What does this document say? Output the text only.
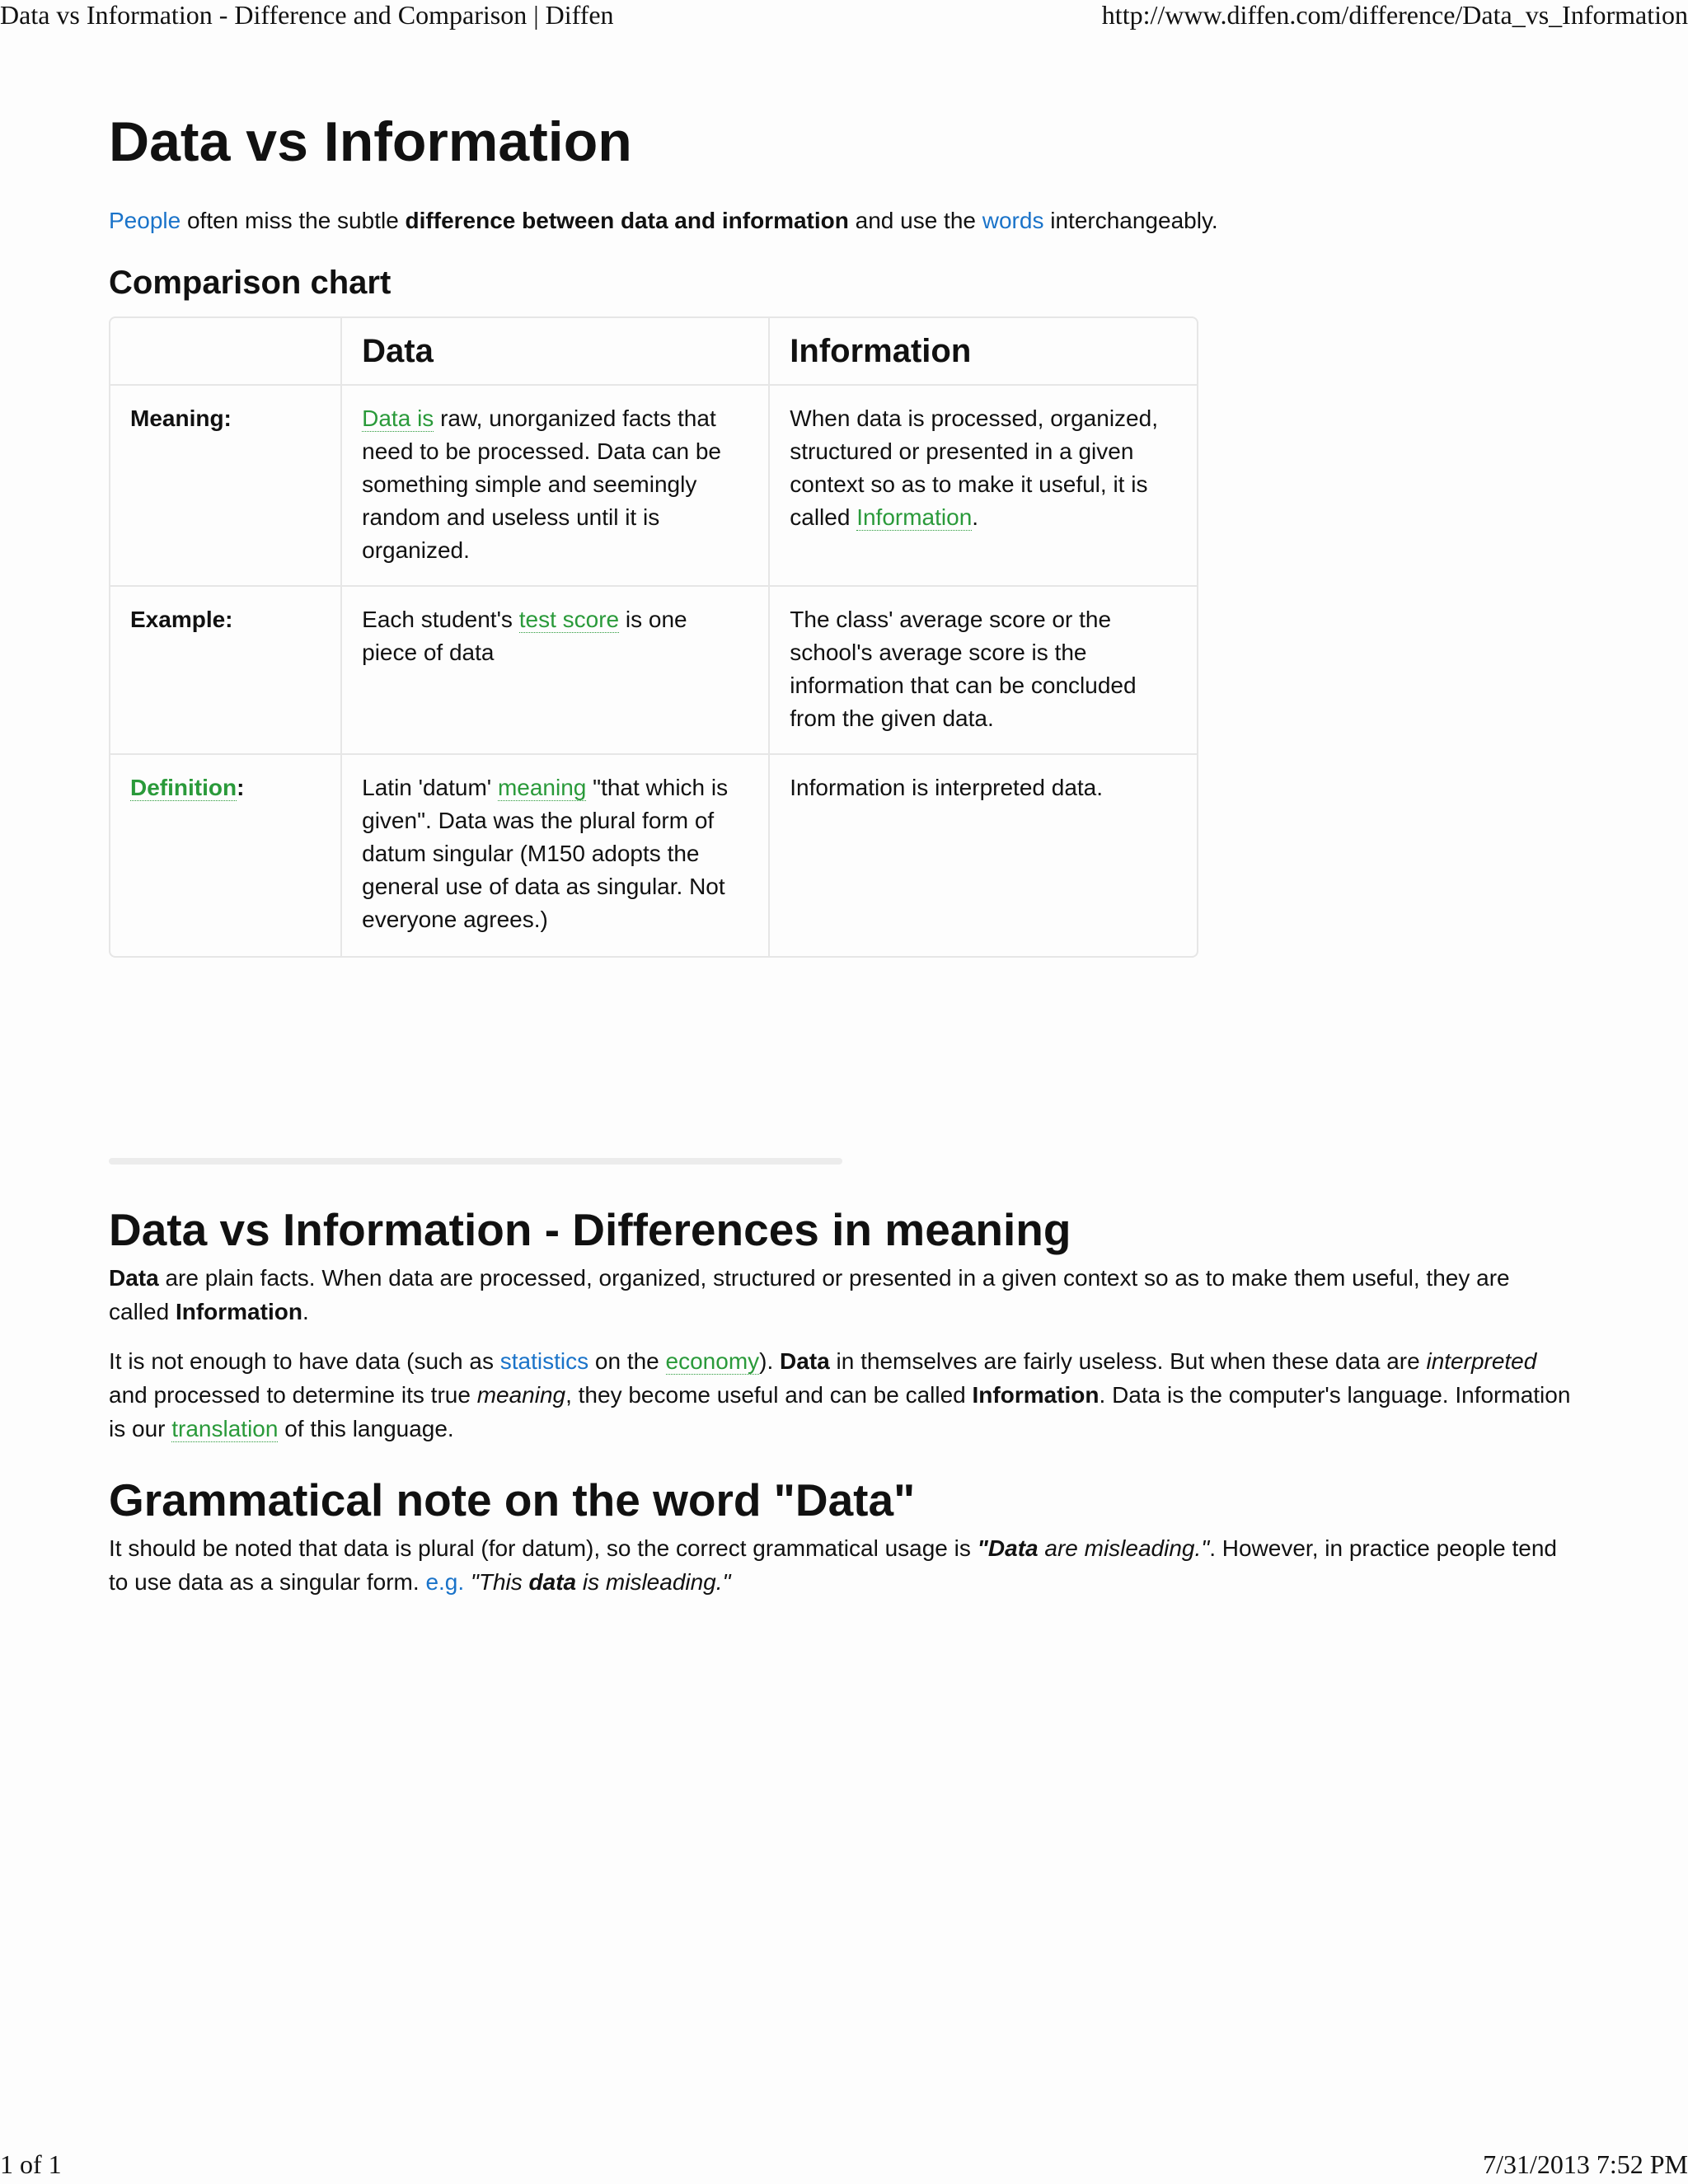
Data vs Information - Difference and Comparison | Diffen	http://www.diffen.com/difference/Data_vs_Information
Data vs Information

People often miss the subtle difference between data and information and use the words interchangeably.

Comparison chart
	Data	Information
Meaning:	Data is raw, unorganized facts that need to be processed. Data can be something simple and seemingly random and useless until it is organized.	When data is processed, organized, structured or presented in a given context so as to make it useful, it is called Information.
Example:	Each student's test score is one piece of data	The class' average score or the school's average score is the information that can be concluded from the given data.
Definition:	Latin 'datum' meaning "that which is given". Data was the plural form of datum singular (M150 adopts the general use of data as singular. Not everyone agrees.)	Information is interpreted data.
Data vs Information - Differences in meaning

Data are plain facts. When data are processed, organized, structured or presented in a given context so as to make them useful, they are called Information.

It is not enough to have data (such as statistics on the economy). Data in themselves are fairly useless. But when these data are interpreted and processed to determine its true meaning, they become useful and can be called Information. Data is the computer's language. Information is our translation of this language.

Grammatical note on the word "Data"

It should be noted that data is plural (for datum), so the correct grammatical usage is "Data are misleading.". However, in practice people tend to use data as a singular form. e.g. "This data is misleading."

1 of 1	7/31/2013 7:52 PM
